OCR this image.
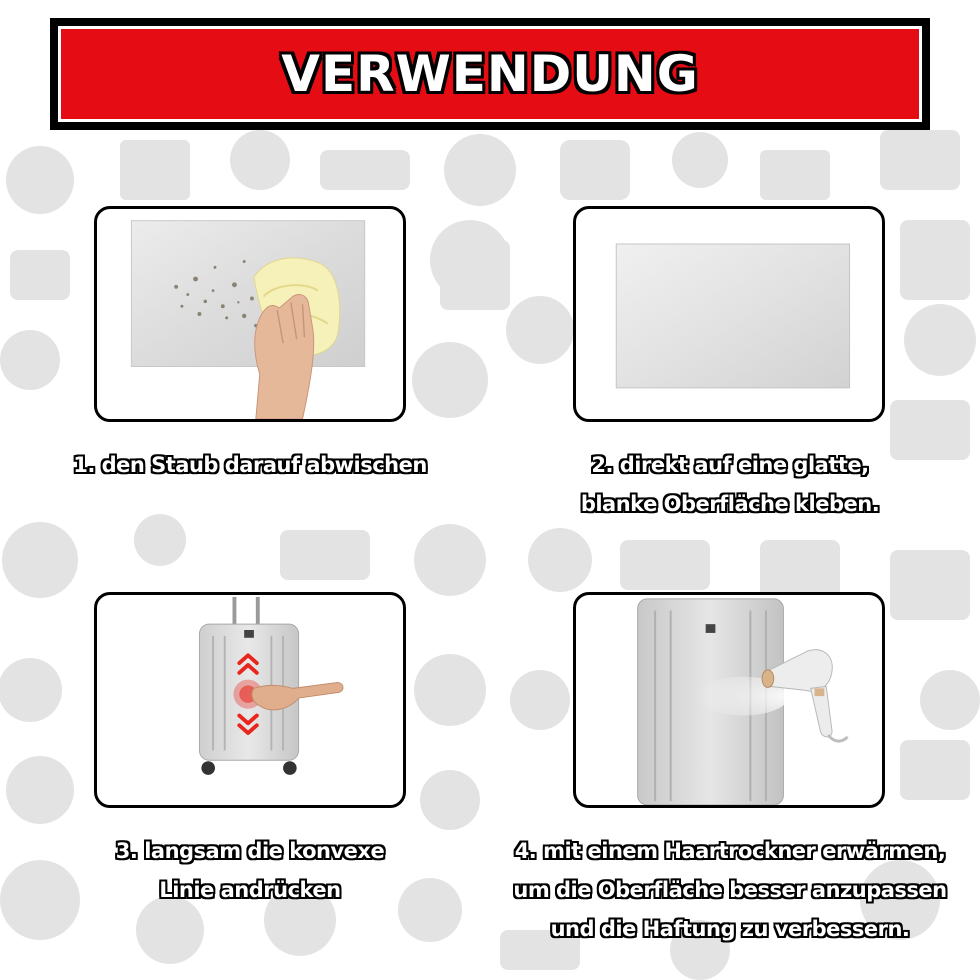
VERWENDUNG
1. den Staub darauf abwischen	2. direkt auf eine glatte,
blanke Oberfläche kleben.
3. langsam die konvexe
Linie andrücken
4. mit einem Haartrockner erwärmen,
um die Oberfläche besser anzupassen
und die Haftung zu verbessern.
